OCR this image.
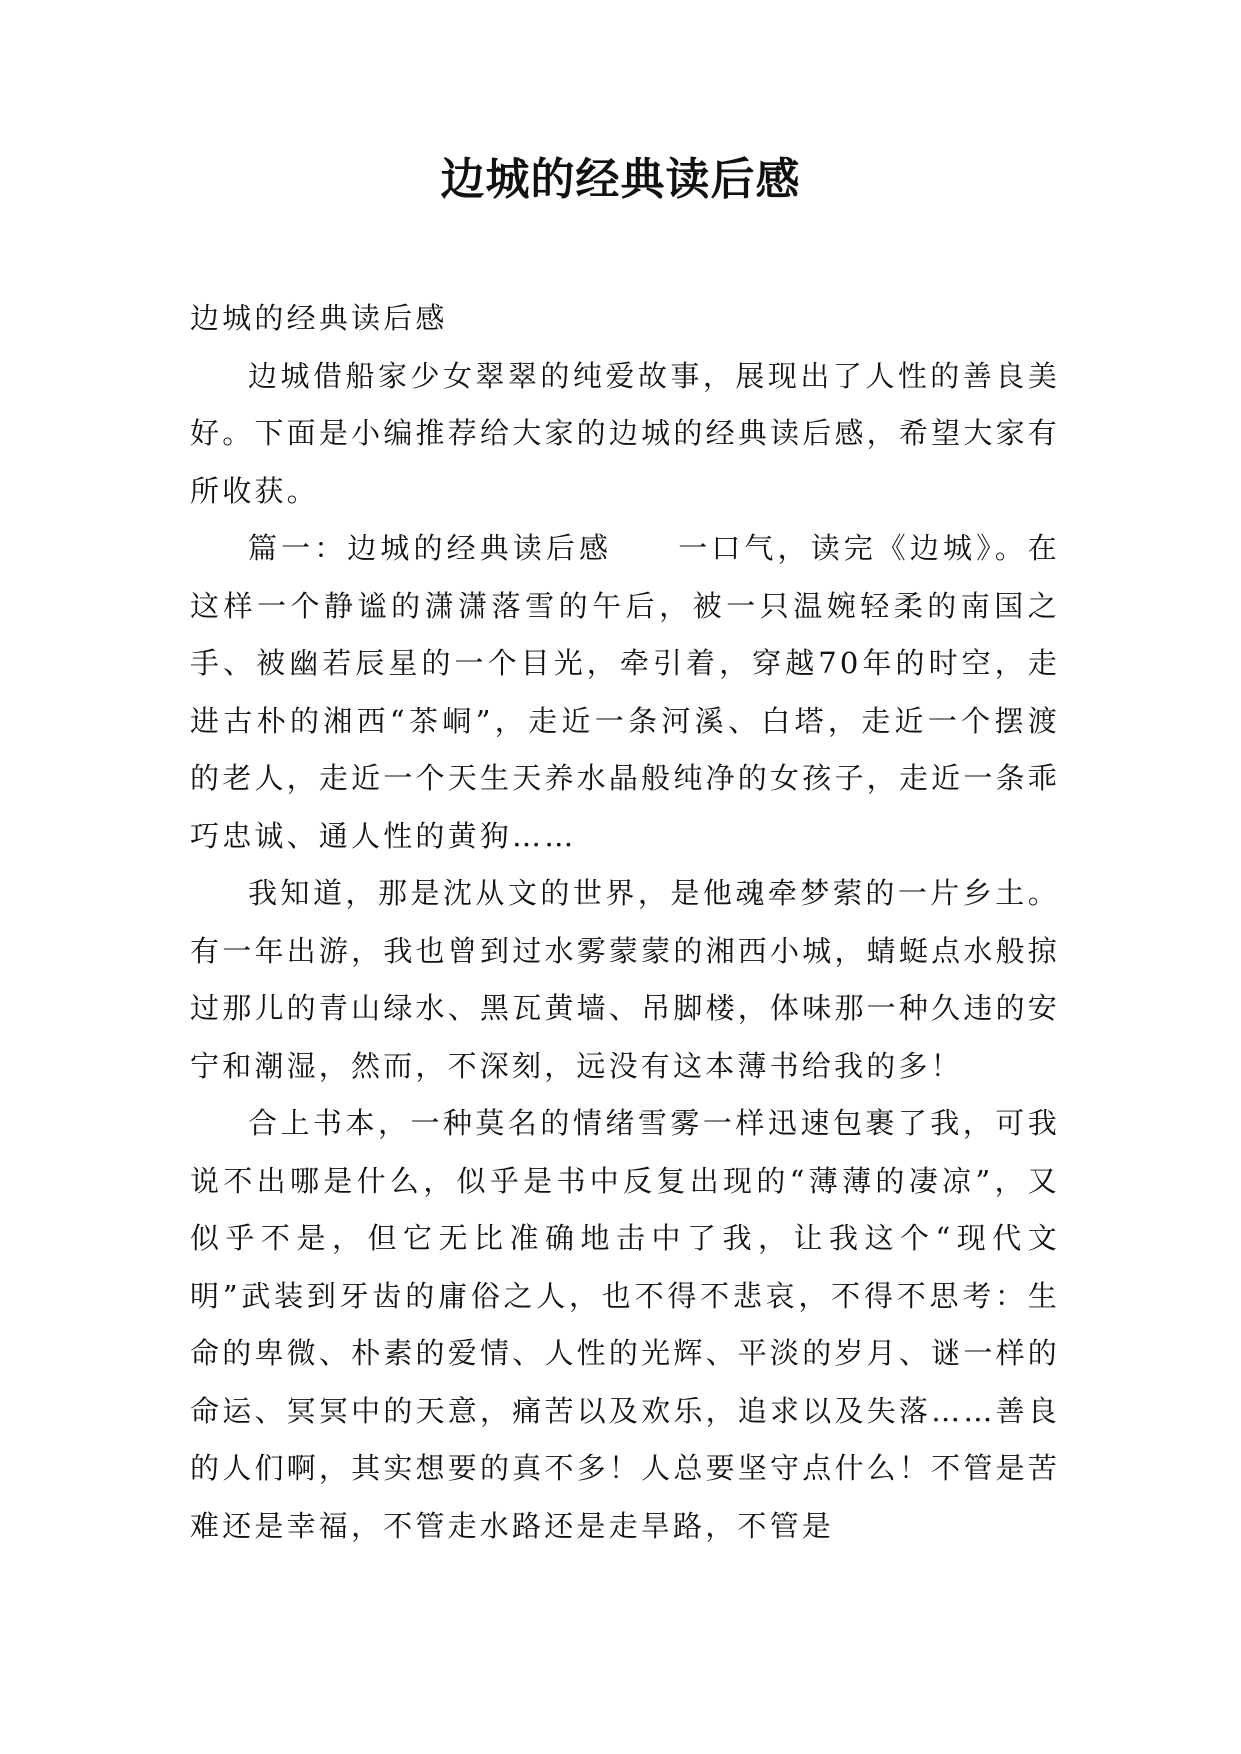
边城的经典读后感

边城的经典读后感

边城借船家少女翠翠的纯爱故事，展现出了人性的善良美好。下面是小编推荐给大家的边城的经典读后感，希望大家有所收获。

篇一：边城的经典读后感　　一口气，读完《边城》。在这样一个静谧的潇潇落雪的午后，被一只温婉轻柔的南国之手、被幽若辰星的一个目光，牵引着，穿越70年的时空，走进古朴的湘西“茶峒”，走近一条河溪、白塔，走近一个摆渡的老人，走近一个天生天养水晶般纯净的女孩子，走近一条乖巧忠诚、通人性的黄狗……

我知道，那是沈从文的世界，是他魂牵梦萦的一片乡土。有一年出游，我也曾到过水雾蒙蒙的湘西小城，蜻蜓点水般掠过那儿的青山绿水、黑瓦黄墙、吊脚楼，体味那一种久违的安宁和潮湿，然而，不深刻，远没有这本薄书给我的多！

合上书本，一种莫名的情绪雪雾一样迅速包裹了我，可我说不出哪是什么，似乎是书中反复出现的“薄薄的凄凉”，又似乎不是，但它无比准确地击中了我，让我这个“现代文明”武装到牙齿的庸俗之人，也不得不悲哀，不得不思考：生命的卑微、朴素的爱情、人性的光辉、平淡的岁月、谜一样的命运、冥冥中的天意，痛苦以及欢乐，追求以及失落……善良的人们啊，其实想要的真不多！人总要坚守点什么！不管是苦难还是幸福，不管走水路还是走旱路，不管是
